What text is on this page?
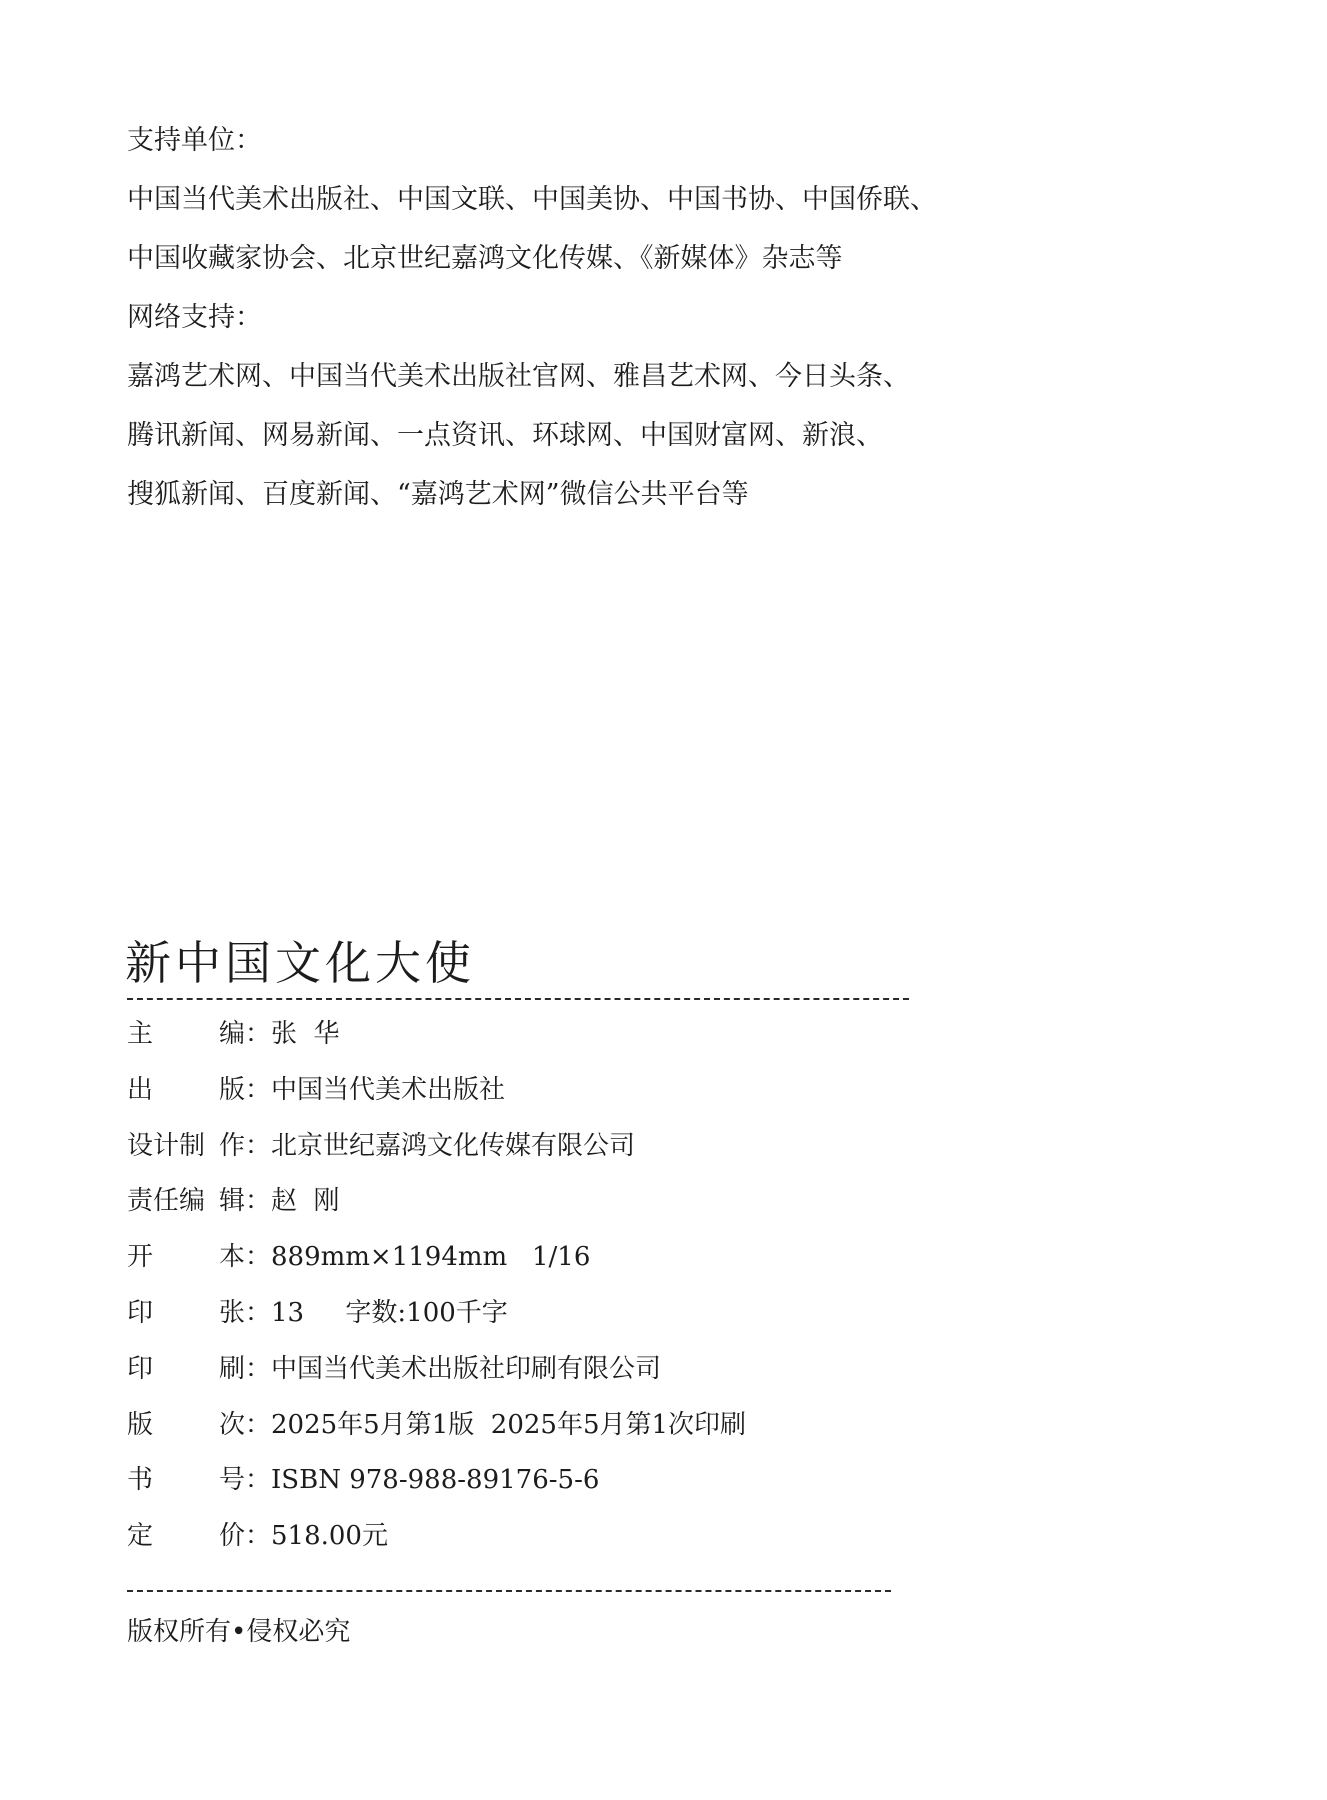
支持单位：
中国当代美术出版社、中国文联、中国美协、中国书协、中国侨联、
中国收藏家协会、北京世纪嘉鸿文化传媒、《新媒体》杂志等
网络支持：
嘉鸿艺术网、中国当代美术出版社官网、雅昌艺术网、今日头条、
腾讯新闻、网易新闻、一点资讯、环球网、中国财富网、新浪、
搜狐新闻、百度新闻、“嘉鸿艺术网”微信公共平台等
新中国文化大使
主	编 ： 张  华
出	版 ： 中国当代美术出版社
设计制 作 ： 北京世纪嘉鸿文化传媒有限公司
责任编 辑 ： 赵  刚
开	本 ： 889mm×1194mm   1/16
印	张 ： 13     字数:100千字
印	刷 ： 中国当代美术出版社印刷有限公司
版	次 ： 2025年5月第1版  2025年5月第1次印刷
书	号 ： ISBN 978-988-89176-5-6
定	价 ： 518.00元
版权所有•侵权必究
